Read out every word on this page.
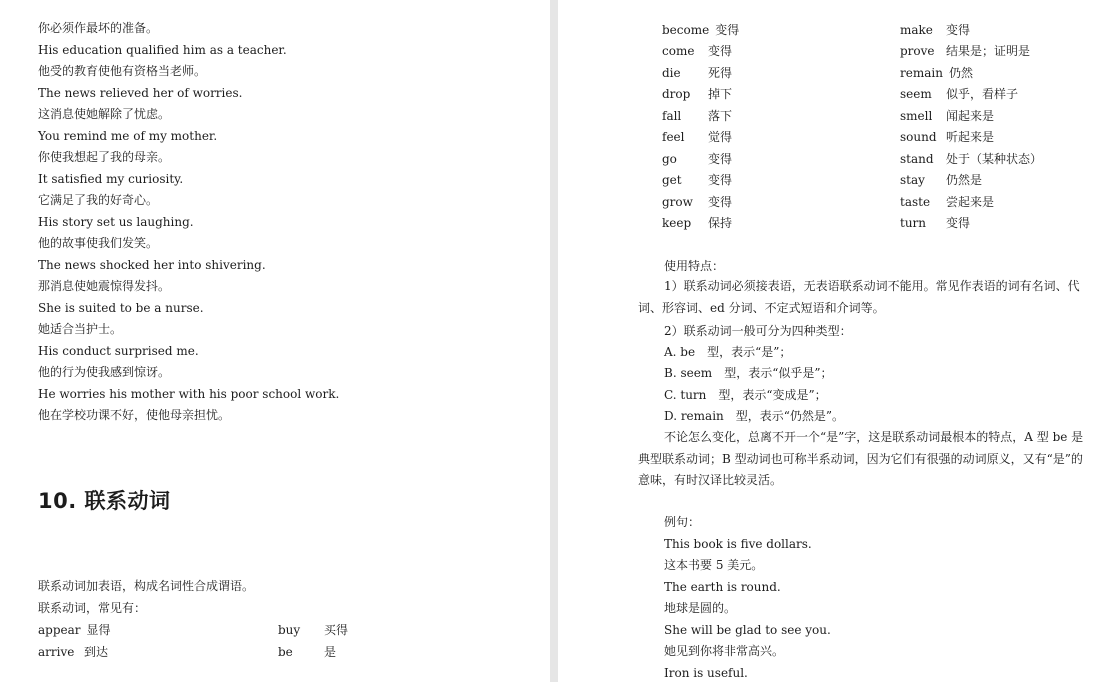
你必须作最坏的准备。
His education qualified him as a teacher.
他受的教育使他有资格当老师。
The news relieved her of worries.
这消息使她解除了忧虑。
You remind me of my mother.
你使我想起了我的母亲。
It satisfied my curiosity.
它满足了我的好奇心。
His story set us laughing.
他的故事使我们发笑。
The news shocked her into shivering.
那消息使她震惊得发抖。
She is suited to be a nurse.
她适合当护士。
His conduct surprised me.
他的行为使我感到惊讶。
He worries his mother with his poor school work.
他在学校功课不好，使他母亲担忧。
10. 联系动词
联系动词加表语，构成名词性合成谓语。
联系动词，常见有：
appear 显得	buy 买得
arrive 到达	be	是
become 变得	make 变得
come 变得	prove 结果是；证明是
die 死得	remain 仍然
drop 掉下	seem 似乎，看样子
fall 落下	smell 闻起来是
feel 觉得	sound 听起来是
go	变得	stand 处于（某种状态）
get 变得	stay 仍然是
grow 变得	taste 尝起来是
keep 保持	turn 变得
使用特点：
1）联系动词必须接表语，无表语联系动词不能用。常见作表语的词有名词、代词、形容词、ed 分词、不定式短语和介词等。
2）联系动词一般可分为四种类型：
A. be　型，表示“是”；
B. seem　型，表示“似乎是”；
C. turn　型，表示“变成是”；
D. remain　型，表示“仍然是”。
不论怎么变化，总离不开一个“是”字，这是联系动词最根本的特点，A 型 be 是典型联系动词；B 型动词也可称半系动词，因为它们有很强的动词原义，又有“是”的意味，有时汉译比较灵活。
例句：
This book is five dollars.
这本书要 5 美元。
The earth is round.
地球是圆的。
She will be glad to see you.
她见到你将非常高兴。
Iron is useful.
